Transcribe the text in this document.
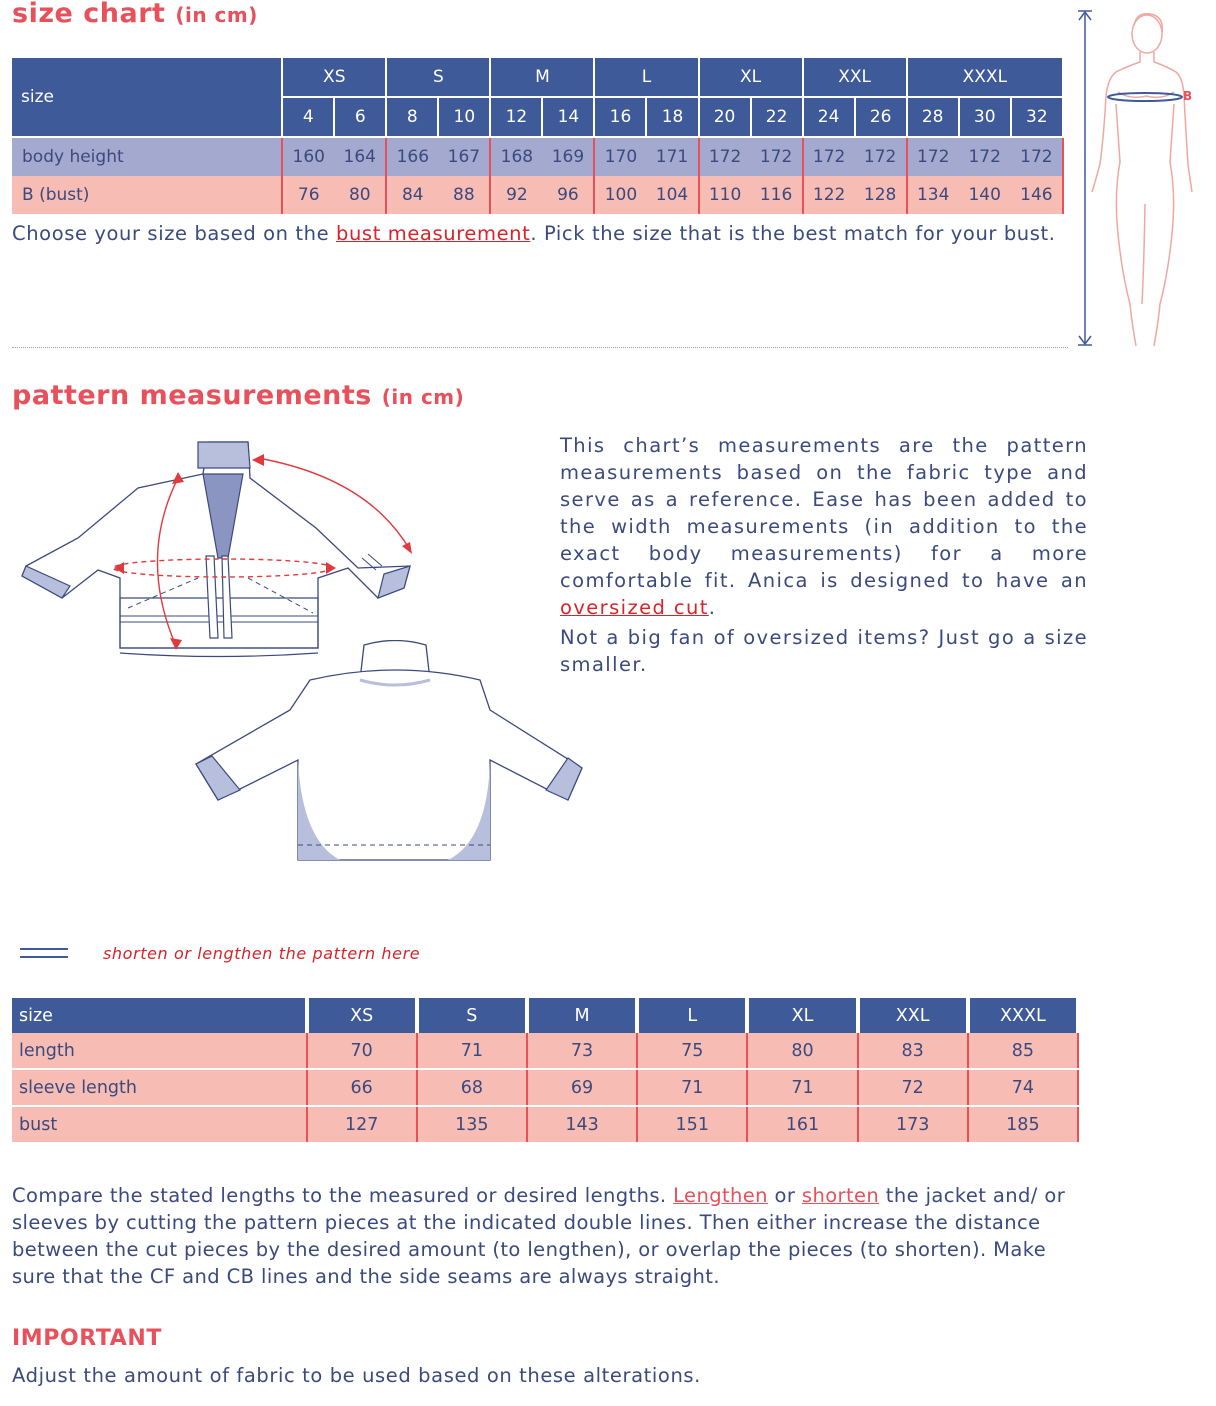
size chart (in cm)
size	XS		S		M		L		XL		XXL		XXXL		
	4	6	8	10	12	14	16	18	20	22	24	26	28	30	32
body height	160	164	166	167	168	169	170	171	172	172	172	172	172	172	172
B (bust)	76	80	84	88	92	96	100	104	110	116	122	128	134	140	146
Choose your size based on the bust measurement. Pick the size that is the best match for your bust.
B
pattern measurements (in cm)
This chart’s measurements are the pattern measurements based on the fabric type and serve as a reference. Ease has been added to the width measurements (in addition to the exact body measurements) for a more comfortable fit. Anica is designed to have an oversized cut.
Not a big fan of oversized items? Just go a size smaller.
shorten or lengthen the pattern here
size	XS	S	M	L	XL	XXL	XXXL
length	70	71	73	75	80	83	85
sleeve length	66	68	69	71	71	72	74
bust	127	135	143	151	161	173	185
Compare the stated lengths to the measured or desired lengths. Lengthen or shorten the jacket and/ or sleeves by cutting the pattern pieces at the indicated double lines. Then either increase the distance between the cut pieces by the desired amount (to lengthen), or overlap the pieces (to shorten). Make sure that the CF and CB lines and the side seams are always straight.
IMPORTANT
Adjust the amount of fabric to be used based on these alterations.
